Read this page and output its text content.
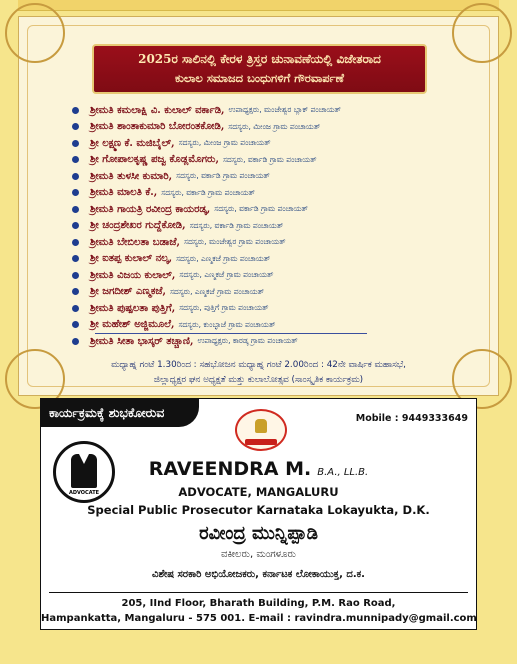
2025ರ ಸಾಲಿನಲ್ಲಿ ಕೇರಳ ತ್ರಿಸ್ತರ ಚುನಾವಣೆಯಲ್ಲಿ ವಿಜೇತರಾದ
ಕುಲಾಲ ಸಮಾಜದ ಬಂಧುಗಳಿಗೆ ಗೌರವಾರ್ಪಣೆ
ಶ್ರೀಮತಿ ಕಮಲಾಕ್ಷಿ ವಿ. ಕುಲಾಲ್ ವರ್ಕಾಡಿ, ಉಪಾಧ್ಯಕ್ಷರು, ಮಂಜೇಶ್ವರ ಬ್ಲಾಕ್ ಪಂಚಾಯತ್
ಶ್ರೀಮತಿ ಶಾಂತಾಕುಮಾರಿ ಬೋರಂತಕೋಡಿ, ಸದಸ್ಯರು, ಮೀಂಜ ಗ್ರಾಮ ಪಂಚಾಯತ್
ಶ್ರೀ ಲಕ್ಷ್ಮಣ ಕೆ. ಮಜಿಬೈಲ್, ಸದಸ್ಯರು, ಮೀಂಜ ಗ್ರಾಮ ಪಂಚಾಯತ್
ಶ್ರೀ ಗೋಪಾಲಕೃಷ್ಣ ಪಜ್ವ ಕೊಡ್ಲಮೊಗರು, ಸದಸ್ಯರು, ವರ್ಕಾಡಿ ಗ್ರಾಮ ಪಂಚಾಯತ್
ಶ್ರೀಮತಿ ತುಳಸೀ ಕುಮಾರಿ, ಸದಸ್ಯರು, ವರ್ಕಾಡಿ ಗ್ರಾಮ ಪಂಚಾಯತ್
ಶ್ರೀಮತಿ ಮಾಲತಿ ಕೆ., ಸದಸ್ಯರು, ವರ್ಕಾಡಿ ಗ್ರಾಮ ಪಂಚಾಯತ್
ಶ್ರೀಮತಿ ಗಾಯತ್ರಿ ರವೀಂದ್ರ ಕಾಯರಡ್ಕ, ಸದಸ್ಯರು, ವರ್ಕಾಡಿ ಗ್ರಾಮ ಪಂಚಾಯತ್
ಶ್ರೀ ಚಂದ್ರಶೇಖರ ಗುದ್ದೆಕೋಡಿ, ಸದಸ್ಯರು, ವರ್ಕಾಡಿ ಗ್ರಾಮ ಪಂಚಾಯತ್
ಶ್ರೀಮತಿ ಬೇಬಿಲತಾ ಬಡಾಜೆ, ಸದಸ್ಯರು, ಮಂಜೇಶ್ವರ ಗ್ರಾಮ ಪಂಚಾಯತ್
ಶ್ರೀ ಐತಪ್ಪ ಕುಲಾಲ್ ನಲ್ಕ, ಸದಸ್ಯರು, ಎಣ್ಮಕಜೆ ಗ್ರಾಮ ಪಂಚಾಯತ್
ಶ್ರೀಮತಿ ವಿಜಯ ಕುಲಾಲ್, ಸದಸ್ಯರು, ಎಣ್ಮಕಜೆ ಗ್ರಾಮ ಪಂಚಾಯತ್
ಶ್ರೀ ಜಗದೀಶ್ ಎಣ್ಮಕಜೆ, ಸದಸ್ಯರು, ಎಣ್ಮಕಜೆ ಗ್ರಾಮ ಪಂಚಾಯತ್
ಶ್ರೀಮತಿ ಪುಷ್ಪಲತಾ ಪುತ್ತಿಗೆ, ಸದಸ್ಯರು, ಪುತ್ತಿಗೆ ಗ್ರಾಮ ಪಂಚಾಯತ್
ಶ್ರೀ ಮಹೇಶ್ ಅಜ್ಜಿಮೂಲೆ, ಸದಸ್ಯರು, ಕುಂಬ್ಳಾಜೆ ಗ್ರಾಮ ಪಂಚಾಯತ್
ಶ್ರೀಮತಿ ಸೀತಾ ಭಾಸ್ಕರ್ ತಚ್ಚಾಣಿ, ಉಪಾಧ್ಯಕ್ಷರು, ಕಾರಡ್ಕ ಗ್ರಾಮ ಪಂಚಾಯತ್
ಮಧ್ಯಾಹ್ನ ಗಂಟೆ 1.30ರಿಂದ : ಸಹಭೋಜನ ಮಧ್ಯಾಹ್ನ ಗಂಟೆ 2.00ರಿಂದ : 42ನೇ ವಾರ್ಷಿಕ ಮಹಾಸಭೆ,
ಜಿಲ್ಲಾಧ್ಯಕ್ಷರ ಘನ ಅಧ್ಯಕ್ಷತೆ ಮತ್ತು ಕುಲಾಲೋತ್ಸವ (ಸಾಂಸ್ಕೃತಿಕ ಕಾರ್ಯಕ್ರಮ)
ಕಾರ್ಯಕ್ರಮಕ್ಕೆ ಶುಭಕೋರುವ	Mobile : 9449333649
ADVOCATE
RAVEENDRA M. B.A., LL.B.
ADVOCATE, MANGALURU
Special Public Prosecutor Karnataka Lokayukta, D.K.
ರವೀಂದ್ರ ಮುನ್ನಿಪ್ಪಾಡಿ
ವಕೀಲರು, ಮಂಗಳೂರು
ವಿಶೇಷ ಸರಕಾರಿ ಅಭಿಯೋಜಕರು, ಕರ್ನಾಟಕ ಲೋಕಾಯುಕ್ತ, ದ.ಕ.
205, IInd Floor, Bharath Building, P.M. Rao Road,
Hampankatta, Mangaluru - 575 001. E-mail : ravindra.munnipady@gmail.com
